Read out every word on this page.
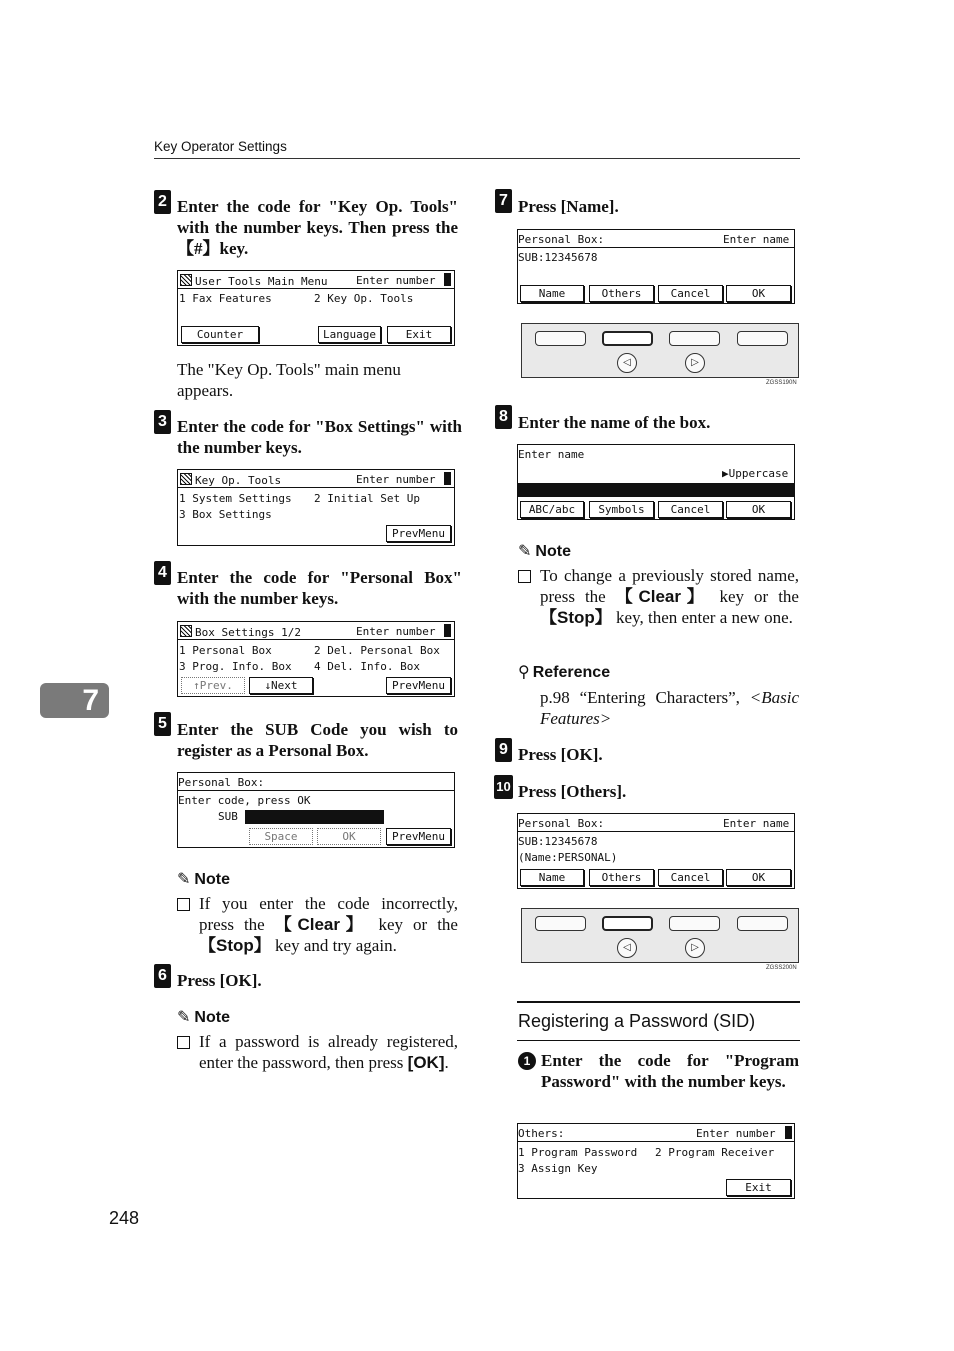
Key Operator Settings
7
248
2 Enter the code for "Key Op. Tools" with the number keys. Then press the【#】key.
User Tools Main Menu	Enter number
1 Fax Features	2 Key Op. Tools
Counter	Language	Exit
The "Key Op. Tools" main menu appears.
3 Enter the code for "Box Settings" with the number keys.
Key Op. Tools	Enter number
1 System Settings 2 Initial Set Up
3 Box Settings
PrevMenu
4 Enter the code for "Personal Box" with the number keys.
Box Settings 1/2	Enter number
1 Personal Box	2 Del. Personal Box
3 Prog. Info. Box 4 Del. Info. Box
↑Prev.	↓Next	PrevMenu
5 Enter the SUB Code you wish to register as a Personal Box.
Personal Box:
Enter code, press OK
SUB
Space	OK	PrevMenu
✎ Note
If you enter the code incorrectly, press the 【Clear】 key or the 【Stop】 key and try again.
6 Press [OK].
✎ Note
If a password is already registered, enter the password, then press [OK].
7 Press [Name].
Personal Box:	Enter name
SUB:12345678
Name	Others	Cancel	OK
◁	▷
ZGSS190N
8 Enter the name of the box.
Enter name
▶Uppercase
ABC/abc	Symbols	Cancel	OK
✎ Note
To change a previously stored name, press the 【Clear】 key or the 【Stop】 key, then enter a new one.
⚲ Reference
p.98 “Entering Characters”, <Basic Features>
9 Press [OK].
10 Press [Others].
Personal Box:	Enter name
SUB:12345678
(Name:PERSONAL)
Name	Others	Cancel	OK
◁	▷
ZGSS200N
Registering a Password (SID)
1 Enter the code for "Program Password" with the number keys.
Others:	Enter number
1 Program Password 2 Program Receiver
3 Assign Key
Exit
